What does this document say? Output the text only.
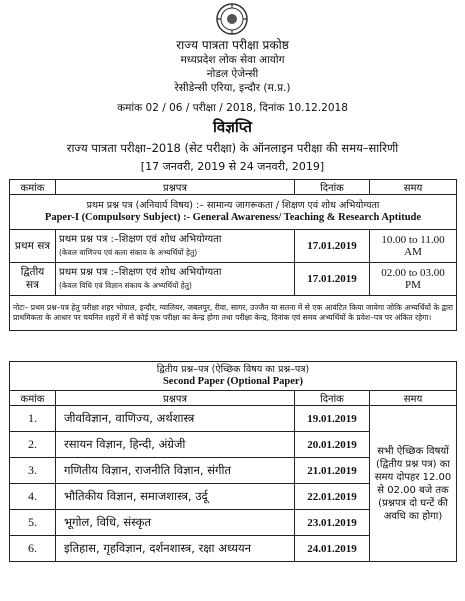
राज्य पात्रता परीक्षा प्रकोष्ठ
मध्यप्रदेश लोक सेवा आयोग
नोडल ऐजेन्सी
रेसीडेन्सी एरिया, इन्दौर (म.प्र.)
कमांक 02 / 06 / परीक्षा / 2018, दिनांक 10.12.2018
विज्ञप्ति
राज्य पात्रता परीक्षा–2018 (सेट परीक्षा) के ऑनलाइन परीक्षा की समय–सारिणी
[17 जनवरी, 2019 से 24 जनवरी, 2019]
कमांक	प्रश्नपत्र	दिनांक	समय

प्रथम प्रश्न पत्र (अनिवार्य विषय) :– सामान्य जागरूकता / शिक्षण एवं शोध अभियोग्यता
Paper-I (Compulsory Subject) :- General Awareness/ Teaching & Research Aptitude			

प्रथम सत्र	प्रथम प्रश्न पत्र :–शिक्षण एवं शोध अभियोग्यता
(केवल वाणिज्य एवं कला संकाय के अभ्यर्थियों हेतु)	17.01.2019	10.00 to 11.00 AM
द्वितीय सत्र	प्रथम प्रश्न पत्र :–शिक्षण एवं शोध अभियोग्यता
(केवल विधि एवं विज्ञान संकाय के अभ्यर्थियों हेतु)	17.01.2019	02.00 to 03.00 PM
नोटः– प्रथम प्रश्न–पत्र हेतु परीक्षा शहर भोपाल, इन्दौर, ग्वालियर, जबलपुर, रीवा, सागर, उज्जैन या सतना में से एक आवंटित किया जायेगा जोकि अभ्यर्थियों के द्वारा प्राथमिकता के आधार पर चयनित शहरों में से कोई एक परीक्षा का केन्द्र होगा तथा परीक्षा केन्द्र, दिनांक एवं समय अभ्यर्थियों के प्रवेश–पत्र पर अंकित रहेगा।			
द्वितीय प्रश्न–पत्र (ऐच्छिक विषय का प्रश्न–पत्र)
Second Paper (Optional Paper)			

कमांक	प्रश्नपत्र	दिनांक	समय
1.	जीवविज्ञान, वाणिज्य, अर्थशास्त्र	19.01.2019	सभी ऐच्छिक विषयों (द्वितीय प्रश्न पत्र) का समय दोपहर 12.00 से 02.00 बजे तक (प्रश्नपत्र दो घन्टें की अवधि का होगा)
2.	रसायन विज्ञान, हिन्दी, अंग्रेजी	20.01.2019	
3.	गणितीय विज्ञान, राजनीति विज्ञान, संगीत	21.01.2019	
4.	भौतिकीय विज्ञान, समाजशास्त्र, उर्दू	22.01.2019	
5.	भूगोल, विधि, संस्कृत	23.01.2019	
6.	इतिहास, गृहविज्ञान, दर्शनशास्त्र, रक्षा अध्ययन	24.01.2019	
